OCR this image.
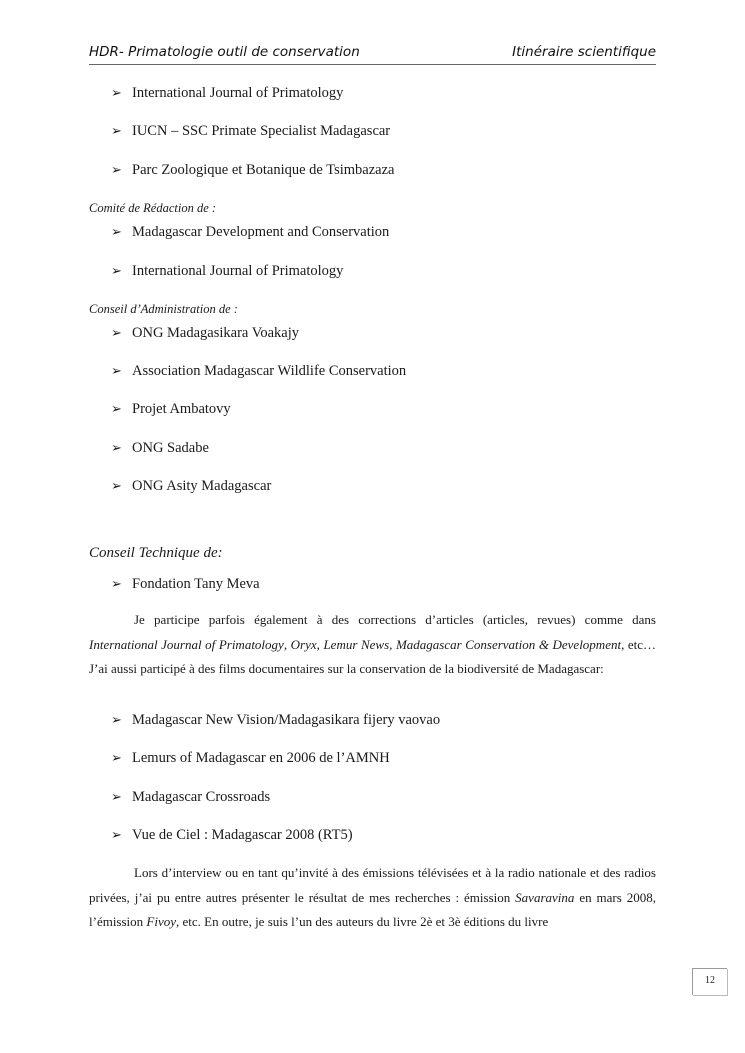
HDR- Primatologie outil de conservation	Itinéraire scientifique
➢ International Journal of Primatology
➢ IUCN – SSC Primate Specialist Madagascar
➢ Parc Zoologique et Botanique de Tsimbazaza
Comité de Rédaction de :
➢ Madagascar Development and Conservation
➢ International Journal of Primatology
Conseil d’Administration de :
➢ ONG Madagasikara Voakajy
➢ Association Madagascar Wildlife Conservation
➢ Projet Ambatovy
➢ ONG Sadabe
➢ ONG Asity Madagascar
Conseil Technique de:
➢ Fondation Tany Meva

Je participe parfois également à des corrections d’articles (articles, revues) comme dans International Journal of Primatology, Oryx, Lemur News, Madagascar Conservation & Development, etc… J’ai aussi participé à des films documentaires sur la conservation de la biodiversité de Madagascar:

➢ Madagascar New Vision/Madagasikara fijery vaovao
➢ Lemurs of Madagascar en 2006 de l’AMNH
➢ Madagascar Crossroads
➢ Vue de Ciel : Madagascar 2008 (RT5)

Lors d’interview ou en tant qu’invité à des émissions télévisées et à la radio nationale et des radios privées, j’ai pu entre autres présenter le résultat de mes recherches : émission Savaravina en mars 2008, l’émission Fivoy, etc. En outre, je suis l’un des auteurs du livre 2è et 3è éditions du livre

12
